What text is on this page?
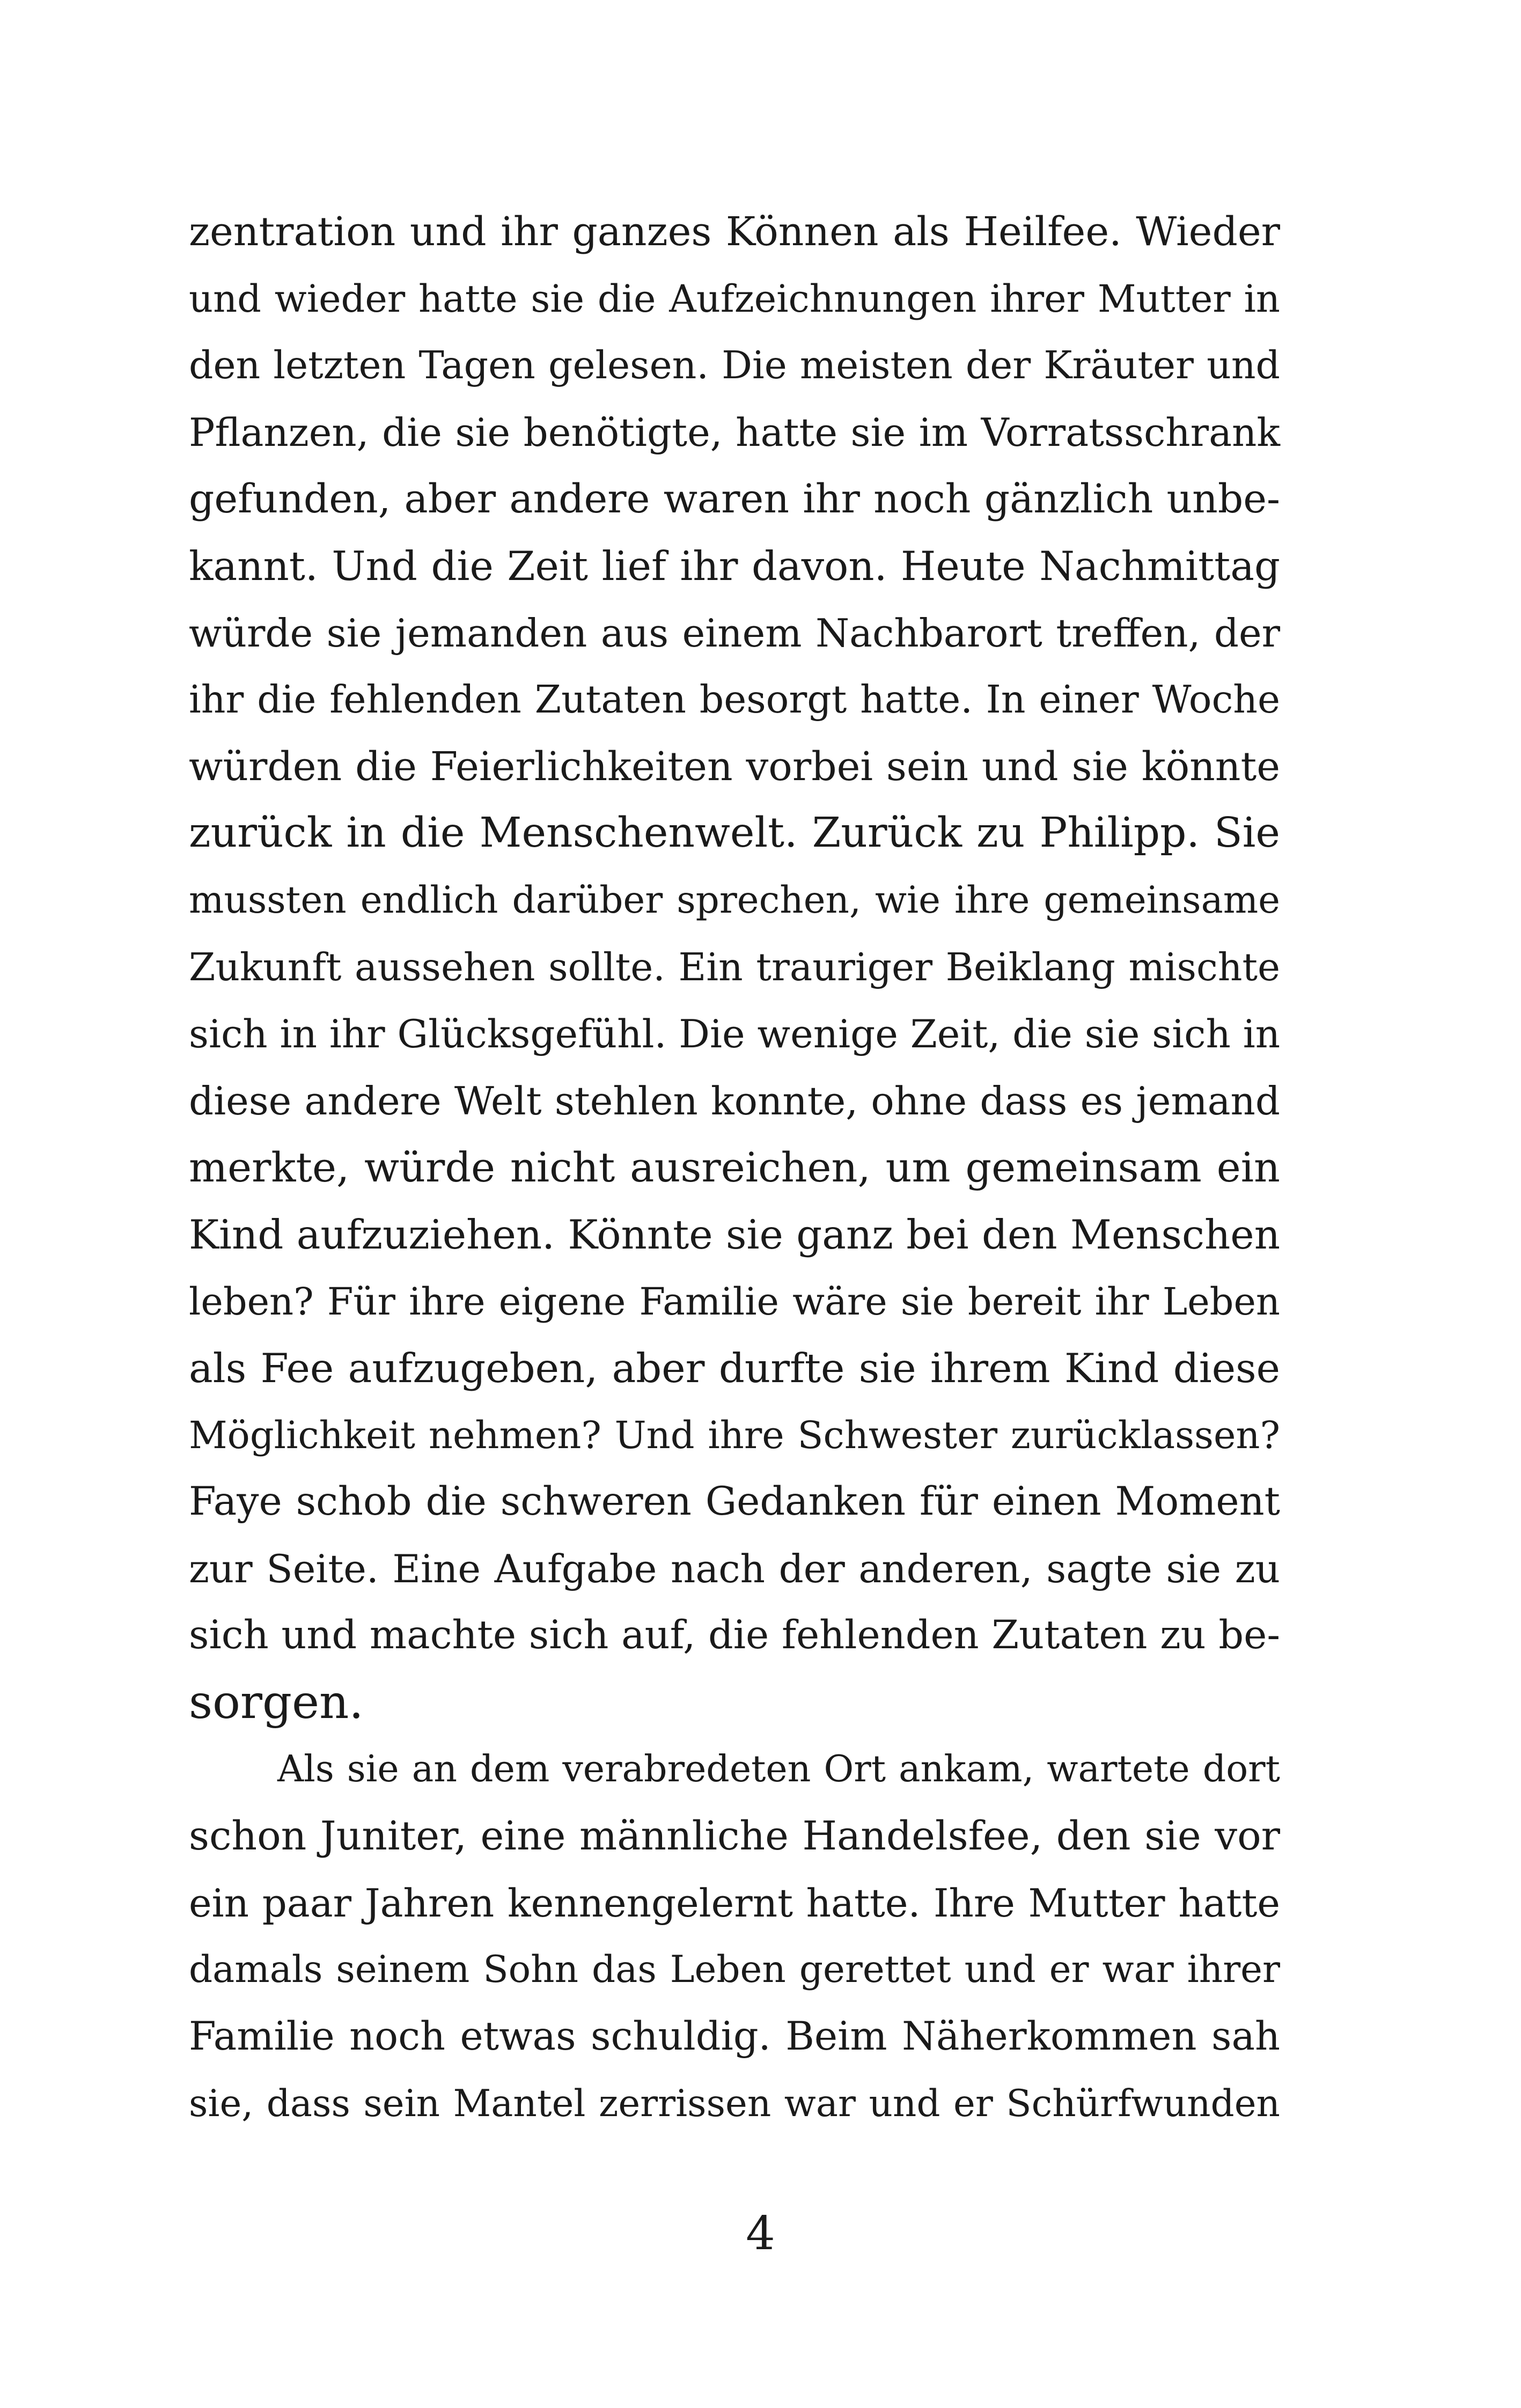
zentration und ihr ganzes Können als Heilfee. Wieder
und wieder hatte sie die Aufzeichnungen ihrer Mutter in
den letzten Tagen gelesen. Die meisten der Kräuter und
Pflanzen, die sie benötigte, hatte sie im Vorratsschrank
gefunden, aber andere waren ihr noch gänzlich unbe-
kannt. Und die Zeit lief ihr davon. Heute Nachmittag
würde sie jemanden aus einem Nachbarort treffen, der
ihr die fehlenden Zutaten besorgt hatte. In einer Woche
würden die Feierlichkeiten vorbei sein und sie könnte
zurück in die Menschenwelt. Zurück zu Philipp. Sie
mussten endlich darüber sprechen, wie ihre gemeinsame
Zukunft aussehen sollte. Ein trauriger Beiklang mischte
sich in ihr Glücksgefühl. Die wenige Zeit, die sie sich in
diese andere Welt stehlen konnte, ohne dass es jemand
merkte, würde nicht ausreichen, um gemeinsam ein
Kind aufzuziehen. Könnte sie ganz bei den Menschen
leben? Für ihre eigene Familie wäre sie bereit ihr Leben
als Fee aufzugeben, aber durfte sie ihrem Kind diese
Möglichkeit nehmen? Und ihre Schwester zurücklassen?
Faye schob die schweren Gedanken für einen Moment
zur Seite. Eine Aufgabe nach der anderen, sagte sie zu
sich und machte sich auf, die fehlenden Zutaten zu be-
sorgen.
Als sie an dem verabredeten Ort ankam, wartete dort
schon Juniter, eine männliche Handelsfee, den sie vor
ein paar Jahren kennengelernt hatte. Ihre Mutter hatte
damals seinem Sohn das Leben gerettet und er war ihrer
Familie noch etwas schuldig. Beim Näherkommen sah
sie, dass sein Mantel zerrissen war und er Schürfwunden
4
